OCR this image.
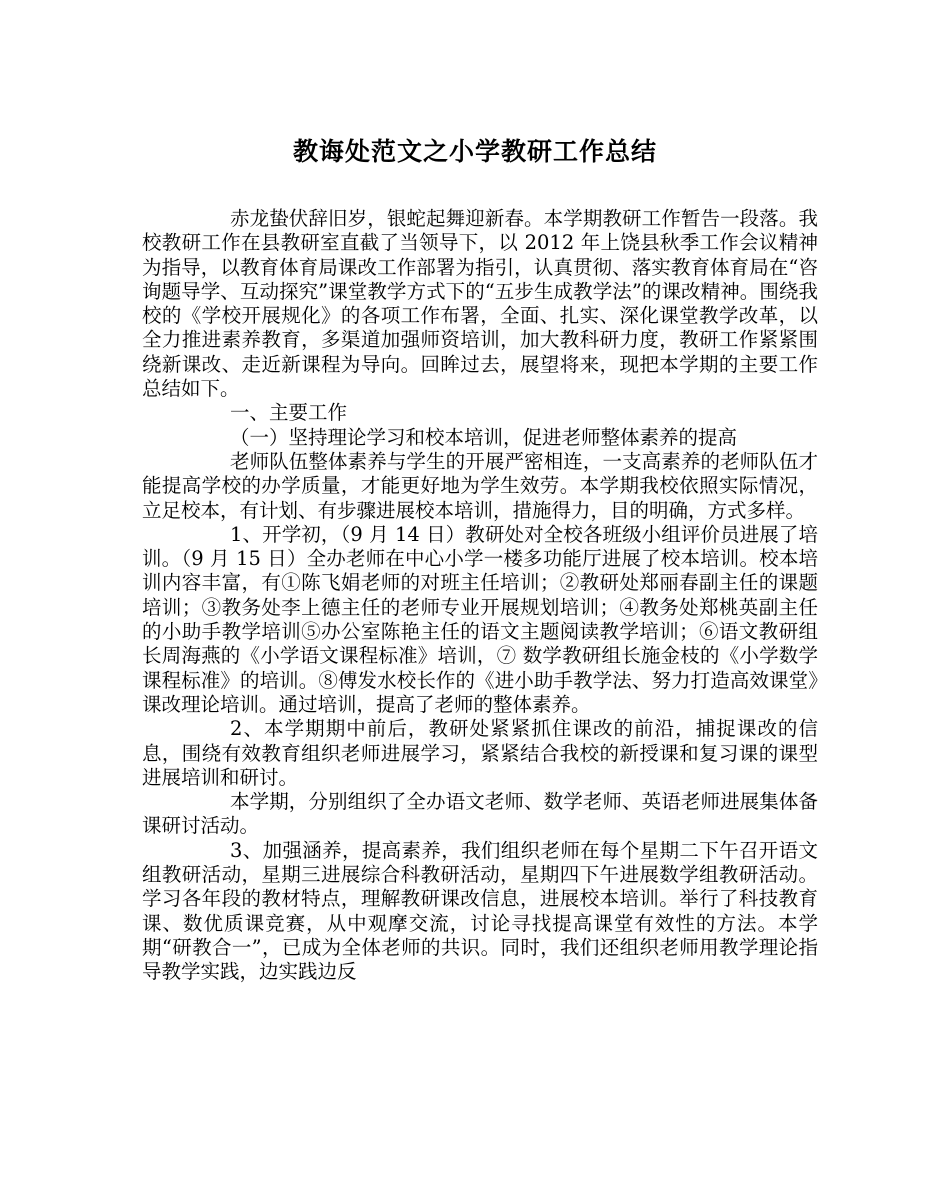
教诲处范文之小学教研工作总结

赤龙蛰伏辞旧岁，银蛇起舞迎新春。本学期教研工作暂告一段落。我校教研工作在县教研室直截了当领导下，以 2012 年上饶县秋季工作会议精神为指导，以教育体育局课改工作部署为指引，认真贯彻、落实教育体育局在“咨询题导学、互动探究”课堂教学方式下的“五步生成教学法”的课改精神。围绕我校的《学校开展规化》的各项工作布署，全面、扎实、深化课堂教学改革，以全力推进素养教育，多渠道加强师资培训，加大教科研力度，教研工作紧紧围绕新课改、走近新课程为导向。回眸过去，展望将来，现把本学期的主要工作总结如下。

一、主要工作

（一）坚持理论学习和校本培训，促进老师整体素养的提高

老师队伍整体素养与学生的开展严密相连，一支高素养的老师队伍才能提高学校的办学质量，才能更好地为学生效劳。本学期我校依照实际情况，立足校本，有计划、有步骤进展校本培训，措施得力，目的明确，方式多样。

1、开学初，（9 月 14 日）教研处对全校各班级小组评价员进展了培训。（9 月 15 日）全办老师在中心小学一楼多功能厅进展了校本培训。校本培训内容丰富，有①陈飞娟老师的对班主任培训；②教研处郑丽春副主任的课题培训；③教务处李上德主任的老师专业开展规划培训；④教务处郑桃英副主任的小助手教学培训⑤办公室陈艳主任的语文主题阅读教学培训；⑥语文教研组长周海燕的《小学语文课程标准》培训，⑦ 数学教研组长施金枝的《小学数学课程标准》的培训。⑧傅发水校长作的《进小助手教学法、努力打造高效课堂》课改理论培训。通过培训，提高了老师的整体素养。

2、本学期期中前后，教研处紧紧抓住课改的前沿，捕捉课改的信息，围绕有效教育组织老师进展学习，紧紧结合我校的新授课和复习课的课型进展培训和研讨。

本学期，分别组织了全办语文老师、数学老师、英语老师进展集体备课研讨活动。

3、加强涵养，提高素养，我们组织老师在每个星期二下午召开语文组教研活动，星期三进展综合科教研活动，星期四下午进展数学组教研活动。学习各年段的教材特点，理解教研课改信息，进展校本培训。举行了科技教育课、数优质课竞赛，从中观摩交流，讨论寻找提高课堂有效性的方法。本学期“研教合一”，已成为全体老师的共识。同时，我们还组织老师用教学理论指导教学实践，边实践边反
